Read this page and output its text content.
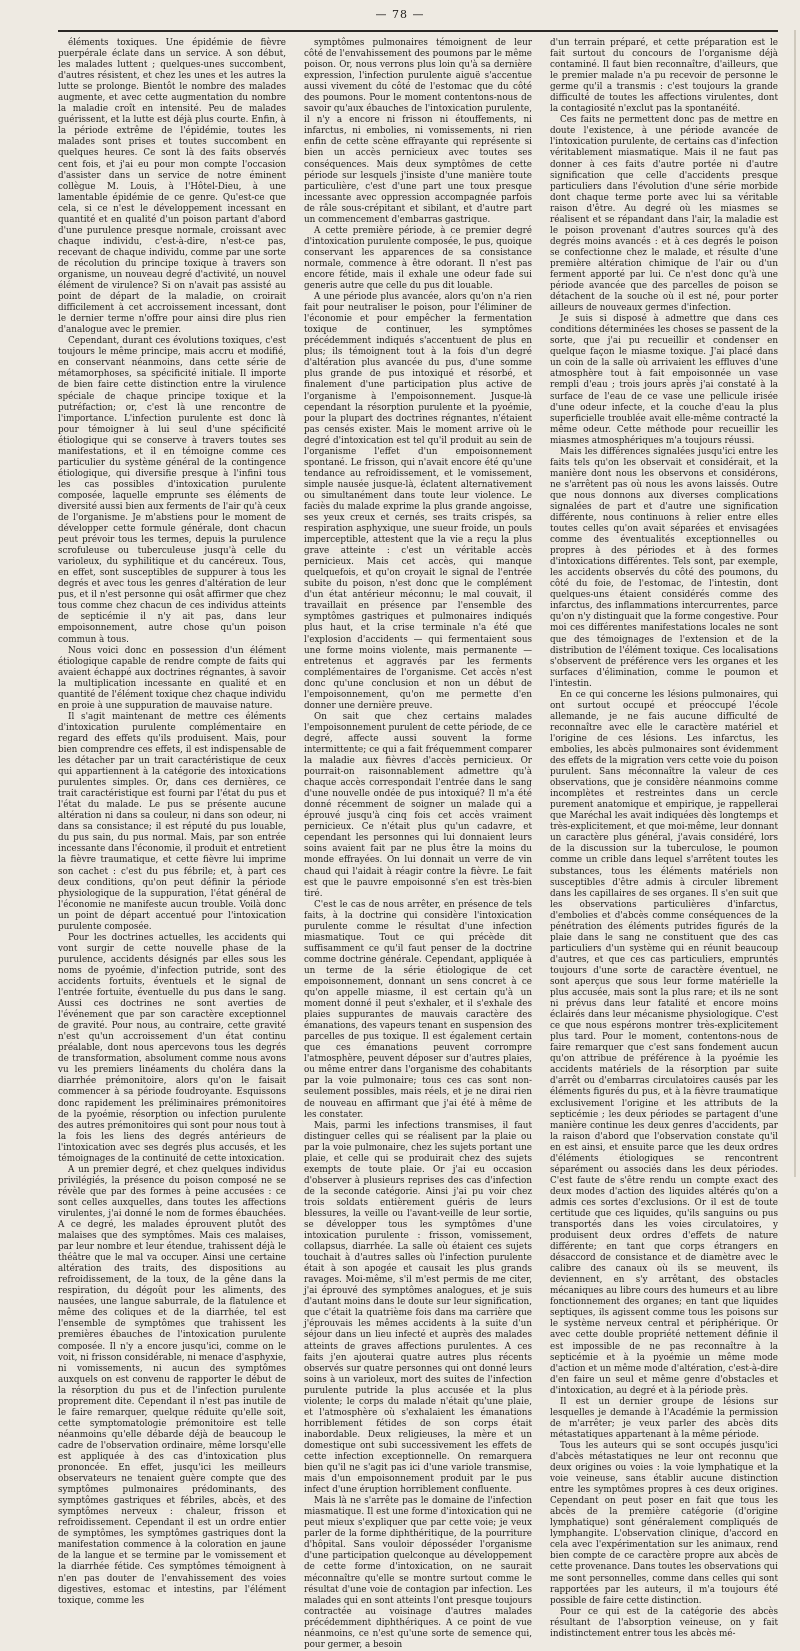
— 78 —

éléments toxiques. Une épidémie de fièvre puerpérale éclate dans un service. A son début, les malades luttent ; quelques-unes succombent, d'autres résistent, et chez les unes et les autres la lutte se prolonge. Bientôt le nombre des malades augmente, et avec cette augmentation du nombre la maladie croît en intensité. Peu de malades guérissent, et la lutte est déjà plus courte. Enfin, à la période extrême de l'épidémie, toutes les malades sont prises et toutes succombent en quelques heures. Ce sont là des faits observés cent fois, et j'ai eu pour mon compte l'occasion d'assister dans un service de notre éminent collègue M. Louis, à l'Hôtel-Dieu, à une lamentable épidémie de ce genre. Qu'est-ce que cela, si ce n'est le développement incessant en quantité et en qualité d'un poison partant d'abord d'une purulence presque normale, croissant avec chaque individu, c'est-à-dire, n'est-ce pas, recevant de chaque individu, comme par une sorte de récolution du principe toxique à travers son organisme, un nouveau degré d'activité, un nouvel élément de virulence? Si on n'avait pas assisté au point de départ de la maladie, on croirait difficilement à cet accroissement incessant, dont le dernier terme n'offre pour ainsi dire plus rien d'analogue avec le premier.

Cependant, durant ces évolutions toxiques, c'est toujours le même principe, mais accru et modifié, en conservant néanmoins, dans cette série de métamorphoses, sa spécificité initiale. Il importe de bien faire cette distinction entre la virulence spéciale de chaque principe toxique et la putréfaction; or, c'est là une rencontre de l'importance. L'infection purulente est donc là pour témoigner à lui seul d'une spécificité étiologique qui se conserve à travers toutes ses manifestations, et il en témoigne comme ces particulier du système général de la contingence étiologique, qui diversifie presque à l'infini tous les cas possibles d'intoxication purulente composée, laquelle emprunte ses éléments de diversité aussi bien aux ferments de l'air qu'à ceux de l'organisme. Je m'abstiens pour le moment de développer cette formule générale, dont chacun peut prévoir tous les termes, depuis la purulence scrofuleuse ou tuberculeuse jusqu'à celle du varioleux, du syphilitique et du cancéreux. Tous, en effet, sont susceptibles de suppurer à tous les degrés et avec tous les genres d'altération de leur pus, et il n'est personne qui osât affirmer que chez tous comme chez chacun de ces individus atteints de septicémie il n'y ait pas, dans leur empoisonnement, autre chose qu'un poison commun à tous.

Nous voici donc en possession d'un élément étiologique capable de rendre compte de faits qui avaient échappé aux doctrines régnantes, à savoir la multiplication incessante en qualité et en quantité de l'élément toxique chez chaque individu en proie à une suppuration de mauvaise nature.

Il s'agit maintenant de mettre ces éléments d'intoxication purulente complémentaire en regard des effets qu'ils produisent. Mais, pour bien comprendre ces effets, il est indispensable de les détacher par un trait caractéristique de ceux qui appartiennent à la catégorie des intoxications purulentes simples. Or, dans ces dernières, ce trait caractéristique est fourni par l'état du pus et l'état du malade. Le pus se présente aucune altération ni dans sa couleur, ni dans son odeur, ni dans sa consistance; il est réputé du pus louable, du pus sain, du pus normal. Mais, par son entrée incessante dans l'économie, il produit et entretient la fièvre traumatique, et cette fièvre lui imprime son cachet : c'est du pus fébrile; et, à part ces deux conditions, qu'on peut définir la période physiologique de la suppuration, l'état général de l'économie ne manifeste aucun trouble. Voilà donc un point de départ accentué pour l'intoxication purulente composée.

Pour les doctrines actuelles, les accidents qui vont surgir de cette nouvelle phase de la purulence, accidents désignés par elles sous les noms de pyoémie, d'infection putride, sont des accidents fortuits, éventuels et le signal de l'entrée fortuite, éventuelle du pus dans le sang. Aussi ces doctrines ne sont averties de l'événement que par son caractère exceptionnel de gravité. Pour nous, au contraire, cette gravité n'est qu'un accroissement d'un état continu préalable, dont nous apercevons tous les degrés de transformation, absolument comme nous avons vu les premiers linéaments du choléra dans la diarrhée prémonitoire, alors qu'on le faisait commencer à sa période foudroyante. Esquissons donc rapidement les préliminaires prémonitoires de la pyoémie, résorption ou infection purulente des autres prémonitoires qui sont pour nous tout à la fois les liens des degrés antérieurs de l'intoxication avec ses degrés plus accusés, et les témoignages de la continuité de cette intoxication.

A un premier degré, et chez quelques individus privilégiés, la présence du poison composé ne se révèle que par des formes à peine accusées : ce sont celles auxquelles, dans toutes les affections virulentes, j'ai donné le nom de formes ébauchées. A ce degré, les malades éprouvent plutôt des malaises que des symptômes. Mais ces malaises, par leur nombre et leur étendue, trahissent déjà le théâtre que le mal va occuper. Ainsi une certaine altération des traits, des dispositions au refroidissement, de la toux, de la gêne dans la respiration, du dégoût pour les aliments, des nausées, une langue saburrale, de la flatulence et même des coliques et de la diarrhée, tel est l'ensemble de symptômes que trahissent les premières ébauches de l'intoxication purulente composée. Il n'y a encore jusqu'ici, comme on le voit, ni frisson considérable, ni menace d'asphyxie, ni vomissements, ni aucun des symptômes auxquels on est convenu de rapporter le début de la résorption du pus et de l'infection purulente proprement dite. Cependant il n'est pas inutile de le faire remarquer, quelque réduite qu'elle soit, cette symptomatologie prémonitoire est telle néanmoins qu'elle débarde déjà de beaucoup le cadre de l'observation ordinaire, même lorsqu'elle est appliquée à des cas d'intoxication plus prononcée. En effet, jusqu'ici les meilleurs observateurs ne tenaient guère compte que des symptômes pulmonaires prédominants, des symptômes gastriques et fébriles, abcès, et des symptômes nerveux : chaleur, frisson et refroidissement. Cependant il est un ordre entier de symptômes, les symptômes gastriques dont la manifestation commence à la coloration en jaune de la langue et se termine par le vomissement et la diarrhée fétide. Ces symptômes témoignent à n'en pas douter de l'envahissement des voies digestives, estomac et intestins, par l'élément toxique, comme les

symptômes pulmonaires témoignent de leur côté de l'envahissement des poumons par le même poison. Or, nous verrons plus loin qu'à sa dernière expression, l'infection purulente aiguë s'accentue aussi vivement du côté de l'estomac que du côté des poumons. Pour le moment contentons-nous de savoir qu'aux ébauches de l'intoxication purulente, il n'y a encore ni frisson ni étouffements, ni infarctus, ni embolies, ni vomissements, ni rien enfin de cette scène effrayante qui représente si bien un accès pernicieux avec toutes ses conséquences. Mais deux symptômes de cette période sur lesquels j'insiste d'une manière toute particulière, c'est d'une part une toux presque incessante avec oppression accompagnée parfois de râle sous-crépitant et sibilant, et d'autre part un commencement d'embarras gastrique.

A cette première période, à ce premier degré d'intoxication purulente composée, le pus, quoique conservant les apparences de sa consistance normale, commence à être odorant. Il n'est pas encore fétide, mais il exhale une odeur fade sui generis autre que celle du pus dit louable.

A une période plus avancée, alors qu'on n'a rien fait pour neutraliser le poison, pour l'éliminer de l'économie et pour empêcher la fermentation toxique de continuer, les symptômes précédemment indiqués s'accentuent de plus en plus; ils témoignent tout à la fois d'un degré d'altération plus avancée du pus, d'une somme plus grande de pus intoxiqué et résorbé, et finalement d'une participation plus active de l'organisme à l'empoisonnement. Jusque-là cependant la résorption purulente et la pyoémie, pour la plupart des doctrines régnantes, n'étaient pas censés exister. Mais le moment arrive où le degré d'intoxication est tel qu'il produit au sein de l'organisme l'effet d'un empoisonnement spontané. Le frisson, qui n'avait encore été qu'une tendance au refroidissement, et le vomissement, simple nausée jusque-là, éclatent alternativement ou simultanément dans toute leur violence. Le faciès du malade exprime la plus grande angoisse, ses yeux creux et cernés, ses traits crispés, sa respiration asphyxique, une sueur froide, un pouls imperceptible, attestent que la vie a reçu la plus grave atteinte : c'est un véritable accès pernicieux. Mais cet accès, qui manque quelquefois, et qu'on croyait le signal de l'entrée subite du poison, n'est donc que le complément d'un état antérieur méconnu; le mal couvait, il travaillait en présence par l'ensemble des symptômes gastriques et pulmonaires indiqués plus haut, et la crise terminale n'a été que l'explosion d'accidents — qui fermentaient sous une forme moins violente, mais permanente — entretenus et aggravés par les ferments complémentaires de l'organisme. Cet accès n'est donc qu'une conclusion et non un début de l'empoisonnement, qu'on me permette d'en donner une dernière preuve.

On sait que chez certains malades l'empoisonnement purulent de cette période, de ce degré, affecte aussi souvent la forme intermittente; ce qui a fait fréquemment comparer la maladie aux fièvres d'accès pernicieux. Or pourrait-on raisonnablement admettre qu'à chaque accès correspondait l'entrée dans le sang d'une nouvelle ondée de pus intoxiqué? Il m'a été donné récemment de soigner un malade qui a éprouvé jusqu'à cinq fois cet accès vraiment pernicieux. Ce n'était plus qu'un cadavre, et cependant les personnes qui lui donnaient leurs soins avaient fait par ne plus être la moins du monde effrayées. On lui donnait un verre de vin chaud qui l'aidait à réagir contre la fièvre. Le fait est que le pauvre empoisonné s'en est très-bien tiré.

C'est le cas de nous arrêter, en présence de tels faits, à la doctrine qui considère l'intoxication purulente comme le résultat d'une infection miasmatique. Tout ce qui précède dit suffisamment ce qu'il faut penser de la doctrine comme doctrine générale. Cependant, appliquée à un terme de la série étiologique de cet empoisonnement, donnant un sens concret à ce qu'on appelle miasme, il est certain qu'à un moment donné il peut s'exhaler, et il s'exhale des plaies suppurantes de mauvais caractère des émanations, des vapeurs tenant en suspension des parcelles de pus toxique. Il est également certain que ces émanations peuvent corrompre l'atmosphère, peuvent déposer sur d'autres plaies, ou même entrer dans l'organisme des cohabitants par la voie pulmonaire; tous ces cas sont non-seulement possibles, mais réels, et je ne dirai rien de nouveau en affirmant que j'ai été à même de les constater.

Mais, parmi les infections transmises, il faut distinguer celles qui se réalisent par la plaie ou par la voie pulmonaire, chez les sujets portant une plaie, et celle qui se produirait chez des sujets exempts de toute plaie. Or j'ai eu occasion d'observer à plusieurs reprises des cas d'infection de la seconde catégorie. Ainsi j'ai pu voir chez trois soldats entièrement guéris de leurs blessures, la veille ou l'avant-veille de leur sortie, se développer tous les symptômes d'une intoxication purulente : frisson, vomissement, collapsus, diarrhée. La salle où étaient ces sujets touchait à d'autres salles où l'infection purulente était à son apogée et causait les plus grands ravages. Moi-même, s'il m'est permis de me citer, j'ai éprouvé des symptômes analogues, et je suis d'autant moins dans le doute sur leur signification, que c'était la quatrième fois dans ma carrière que j'éprouvais les mêmes accidents à la suite d'un séjour dans un lieu infecté et auprès des malades atteints de graves affections purulentes. A ces faits j'en ajouterai quatre autres plus récents observés sur quatre personnes qui ont donné leurs soins à un varioleux, mort des suites de l'infection purulente putride la plus accusée et la plus violente; le corps du malade n'était qu'une plaie, et l'atmosphère où s'exhalaient les émanations horriblement fétides de son corps était inabordable. Deux religieuses, la mère et un domestique ont subi successivement les effets de cette infection exceptionnelle. On remarquera bien qu'il ne s'agit pas ici d'une variole transmise, mais d'un empoisonnement produit par le pus infect d'une éruption horriblement confluente.

Mais là ne s'arrête pas le domaine de l'infection miasmatique. Il est une forme d'intoxication qui ne peut mieux s'expliquer que par cette voie; je veux parler de la forme diphthéritique, de la pourriture d'hôpital. Sans vouloir déposséder l'organisme d'une participation quelconque au développement de cette forme d'intoxication, on ne saurait méconnaître qu'elle se montre surtout comme le résultat d'une voie de contagion par infection. Les malades qui en sont atteints l'ont presque toujours contractée au voisinage d'autres malades précédemment diphthériques. A ce point de vue néanmoins, ce n'est qu'une sorte de semence qui, pour germer, a besoin

d'un terrain préparé, et cette préparation est le fait surtout du concours de l'organisme déjà contaminé. Il faut bien reconnaître, d'ailleurs, que le premier malade n'a pu recevoir de personne le germe qu'il a transmis : c'est toujours la grande difficulté de toutes les affections virulentes, dont la contagiosité n'exclut pas la spontanéité.

Ces faits ne permettent donc pas de mettre en doute l'existence, à une période avancée de l'intoxication purulente, de certains cas d'infection véritablement miasmatique. Mais il ne faut pas donner à ces faits d'autre portée ni d'autre signification que celle d'accidents presque particuliers dans l'évolution d'une série morbide dont chaque terme porte avec lui sa véritable raison d'être. Au degré où les miasmes se réalisent et se répandant dans l'air, la maladie est le poison provenant d'autres sources qu'à des degrés moins avancés : et à ces degrés le poison se confectionne chez le malade, et résulte d'une première altération chimique de l'air ou d'un ferment apporté par lui. Ce n'est donc qu'à une période avancée que des parcelles de poison se détachent de la souche où il est né, pour porter ailleurs de nouveaux germes d'infection.

Je suis si disposé à admettre que dans ces conditions déterminées les choses se passent de la sorte, que j'ai pu recueillir et condenser en quelque façon le miasme toxique. J'ai placé dans un coin de la salle où arrivaient les effluves d'une atmosphère tout à fait empoisonnée un vase rempli d'eau ; trois jours après j'ai constaté à la surface de l'eau de ce vase une pellicule irisée d'une odeur infecte, et la couche d'eau la plus superficielle troublée avait elle-même contracté la même odeur. Cette méthode pour recueillir les miasmes atmosphériques m'a toujours réussi.

Mais les différences signalées jusqu'ici entre les faits tels qu'on les observait et considérait, et la manière dont nous les observons et considérons, ne s'arrêtent pas où nous les avons laissés. Outre que nous donnons aux diverses complications signalées de part et d'autre une signification différente, nous continuons à relier entre elles toutes celles qu'on avait séparées et envisagées comme des éventualités exceptionnelles ou propres à des périodes et à des formes d'intoxications différentes. Tels sont, par exemple, les accidents observés du côté des poumons, du côté du foie, de l'estomac, de l'intestin, dont quelques-uns étaient considérés comme des infarctus, des inflammations intercurrentes, parce qu'on n'y distinguait que la forme congestive. Pour moi ces différentes manifestations locales ne sont que des témoignages de l'extension et de la distribution de l'élément toxique. Ces localisations s'observent de préférence vers les organes et les surfaces d'élimination, comme le poumon et l'intestin.

En ce qui concerne les lésions pulmonaires, qui ont surtout occupé et préoccupé l'école allemande, je ne fais aucune difficulté de reconnaître avec elle le caractère matériel et l'origine de ces lésions. Les infarctus, les embolies, les abcès pulmonaires sont évidemment des effets de la migration vers cette voie du poison purulent. Sans méconnaître la valeur de ces observations, que je considère néanmoins comme incomplètes et restreintes dans un cercle purement anatomique et empirique, je rappellerai que Maréchal les avait indiquées dès longtemps et très-explicitement, et que moi-même, leur donnant un caractère plus général, j'avais considéré, lors de la discussion sur la tuberculose, le poumon comme un crible dans lequel s'arrêtent toutes les substances, tous les éléments matériels non susceptibles d'être admis à circuler librement dans les capillaires de ses organes. Il s'en suit que les observations particulières d'infarctus, d'embolies et d'abcès comme conséquences de la pénétration des éléments putrides figurés de la plaie dans le sang ne constituent que des cas particuliers d'un système qui en réunit beaucoup d'autres, et que ces cas particuliers, empruntés toujours d'une sorte de caractère éventuel, ne sont aperçus que sous leur forme matérielle la plus accusée, mais sont la plus rare; et ils ne sont ni prévus dans leur fatalité et encore moins éclairés dans leur mécanisme physiologique. C'est ce que nous espérons montrer très-explicitement plus tard. Pour le moment, contentons-nous de faire remarquer que c'est sans fondement aucun qu'on attribue de préférence à la pyoémie les accidents matériels de la résorption par suite d'arrêt ou d'embarras circulatoires causés par les éléments figurés du pus, et à la fièvre traumatique exclusivement l'origine et les attributs de la septicémie ; les deux périodes se partagent d'une manière continue les deux genres d'accidents, par la raison d'abord que l'observation constate qu'il en est ainsi, et ensuite parce que les deux ordres d'éléments étiologiques se rencontrent séparément ou associés dans les deux périodes. C'est faute de s'être rendu un compte exact des deux modes d'action des liquides altérés qu'on a admis ces sortes d'exclusions. Or il est de toute certitude que ces liquides, qu'ils sanguins ou pus transportés dans les voies circulatoires, y produisent deux ordres d'effets de nature différente; en tant que corps étrangers en désaccord de consistance et de diamètre avec le calibre des canaux où ils se meuvent, ils deviennent, en s'y arrêtant, des obstacles mécaniques au libre cours des humeurs et au libre fonctionnement des organes; en tant que liquides septiques, ils agissent comme tous les poisons sur le système nerveux central et périphérique. Or avec cette double propriété nettement définie il est impossible de ne pas reconnaître à la septicémie et à la pyoémie un même mode d'action et un même mode d'altération, c'est-à-dire d'en faire un seul et même genre d'obstacles et d'intoxication, au degré et à la période près.

Il est un dernier groupe de lésions sur lesquelles je demande à l'Académie la permission de m'arrêter; je veux parler des abcès dits métastatiques appartenant à la même période.

Tous les auteurs qui se sont occupés jusqu'ici d'abcès métastatiques ne leur ont reconnu que deux origines ou voies : la voie lymphatique et la voie veineuse, sans établir aucune distinction entre les symptômes propres à ces deux origines. Cependant on peut poser en fait que tous les abcès de la première catégorie (d'origine lymphatique) sont généralement compliqués de lymphangite. L'observation clinique, d'accord en cela avec l'expérimentation sur les animaux, rend bien compte de ce caractère propre aux abcès de cette provenance. Dans toutes les observations qui me sont personnelles, comme dans celles qui sont rapportées par les auteurs, il m'a toujours été possible de faire cette distinction.

Pour ce qui est de la catégorie des abcès résultant de l'absorption veineuse, on y fait indistinctement entrer tous les abcès mé-
